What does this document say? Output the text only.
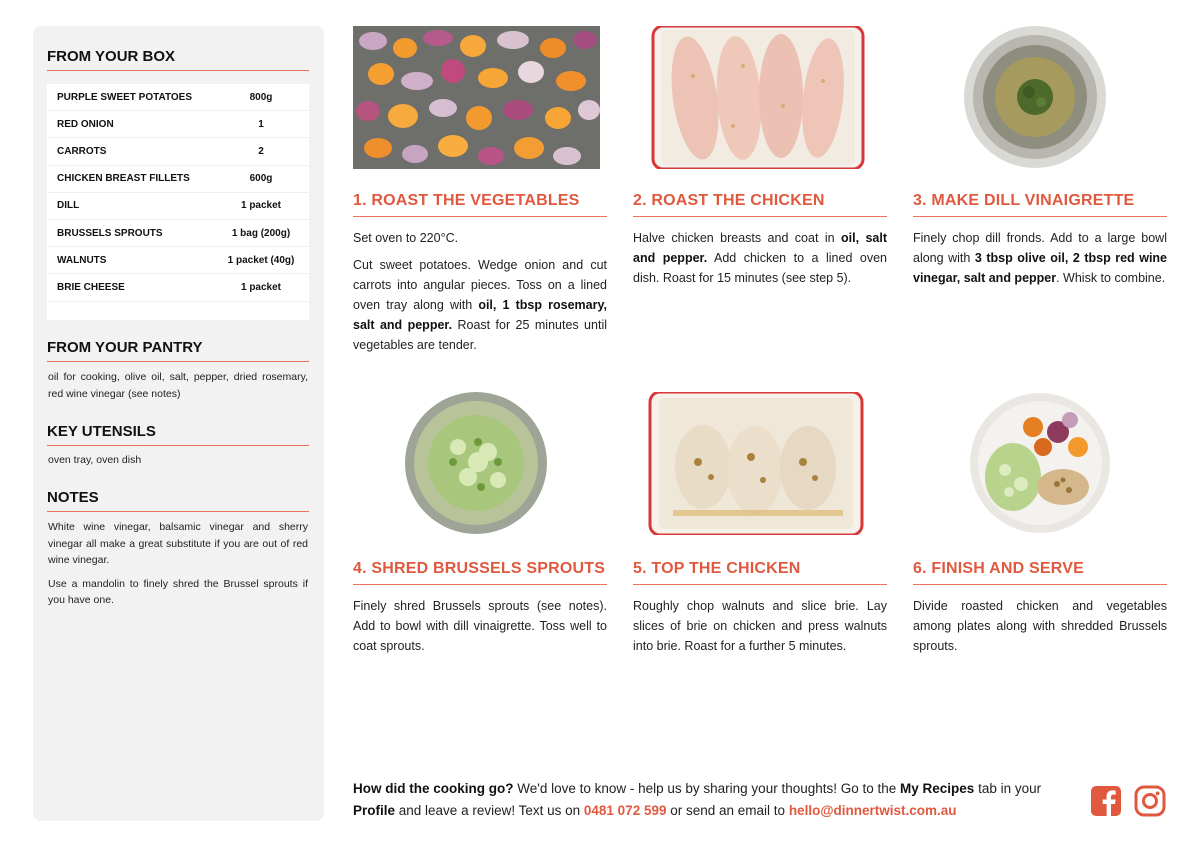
FROM YOUR BOX
PURPLE SWEET POTATOES	800g
RED ONION	1
CARROTS	2
CHICKEN BREAST FILLETS	600g
DILL	1 packet
BRUSSELS SPROUTS	1 bag (200g)
WALNUTS	1 packet (40g)
BRIE CHEESE	1 packet
FROM YOUR PANTRY

oil for cooking, olive oil, salt, pepper, dried rosemary, red wine vinegar (see notes)

KEY UTENSILS

oven tray, oven dish

NOTES

White wine vinegar, balsamic vinegar and sherry vinegar all make a great substitute if you are out of red wine vinegar.

Use a mandolin to finely shred the Brussel sprouts if you have one.

1. ROAST THE VEGETABLES

Set oven to 220°C.

Cut sweet potatoes. Wedge onion and cut carrots into angular pieces. Toss on a lined oven tray along with oil, 1 tbsp rosemary, salt and pepper. Roast for 25 minutes until vegetables are tender.

2. ROAST THE CHICKEN

Halve chicken breasts and coat in oil, salt and pepper. Add chicken to a lined oven dish. Roast for 15 minutes (see step 5).

3. MAKE DILL VINAIGRETTE

Finely chop dill fronds. Add to a large bowl along with 3 tbsp olive oil, 2 tbsp red wine vinegar, salt and pepper. Whisk to combine.

4. SHRED BRUSSELS SPROUTS

Finely shred Brussels sprouts (see notes). Add to bowl with dill vinaigrette. Toss well to coat sprouts.

5. TOP THE CHICKEN

Roughly chop walnuts and slice brie. Lay slices of brie on chicken and press walnuts into brie. Roast for a further 5 minutes.

6. FINISH AND SERVE

Divide roasted chicken and vegetables among plates along with shredded Brussels sprouts.

How did the cooking go? We'd love to know - help us by sharing your thoughts! Go to the My Recipes tab in your Profile and leave a review! Text us on 0481 072 599 or send an email to hello@dinnertwist.com.au
